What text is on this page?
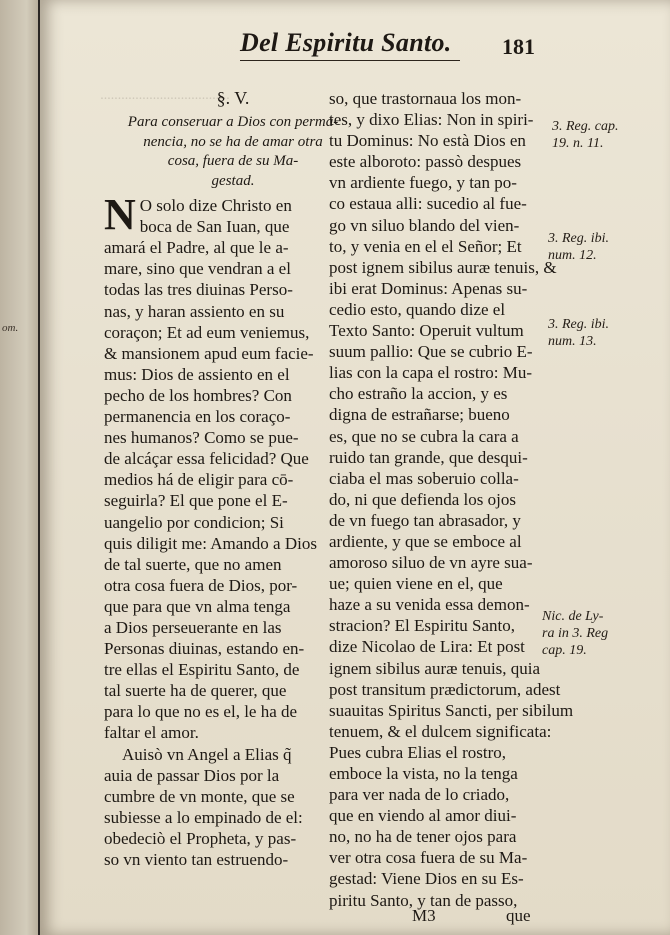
om.
Del Espiritu Santo.	181
·····································
§. V.
Para conseruar a Dios con perma-
nencia, no se ha de amar otra
cosa, fuera de su Ma-
gestad.
N O solo dize Christo en
boca de San Iuan, que
amará el Padre, al que le a-
mare, sino que vendran a el
todas las tres diuinas Perso-
nas, y haran assiento en su
coraçon; Et ad eum veniemus,
& mansionem apud eum facie-
mus: Dios de assiento en el
pecho de los hombres? Con
permanencia en los coraço-
nes humanos? Como se pue-
de alcáçar essa felicidad? Que
medios há de eligir para cō-
seguirla? El que pone el E-
uangelio por condicion; Si
quis diligit me: Amando a Dios
de tal suerte, que no amen
otra cosa fuera de Dios, por-
que para que vn alma tenga
a Dios perseuerante en las
Personas diuinas, estando en-
tre ellas el Espiritu Santo, de
tal suerte ha de querer, que
para lo que no es el, le ha de
faltar el amor.
Auisò vn Angel a Elias q̃
auia de passar Dios por la
cumbre de vn monte, que se
subiesse a lo empinado de el:
obedeciò el Propheta, y pas-
so vn viento tan estruendo-
so, que trastornaua los mon-
tes, y dixo Elias: Non in spiri-
tu Dominus: No està Dios en
este alboroto: passò despues
vn ardiente fuego, y tan po-
co estaua alli: sucedio al fue-
go vn siluo blando del vien-
to, y venia en el el Señor; Et
post ignem sibilus auræ tenuis, &
ibi erat Dominus: Apenas su-
cedio esto, quando dize el
Texto Santo: Operuit vultum
suum pallio: Que se cubrio E-
lias con la capa el rostro: Mu-
cho estraño la accion, y es
digna de estrañarse; bueno
es, que no se cubra la cara a
ruido tan grande, que desqui-
ciaba el mas soberuio colla-
do, ni que defienda los ojos
de vn fuego tan abrasador, y
ardiente, y que se emboce al
amoroso siluo de vn ayre sua-
ue; quien viene en el, que
haze a su venida essa demon-
stracion? El Espiritu Santo,
dize Nicolao de Lira: Et post
ignem sibilus auræ tenuis, quia
post transitum prædictorum, adest
suauitas Spiritus Sancti, per sibilum
tenuem, & el dulcem significata:
Pues cubra Elias el rostro,
emboce la vista, no la tenga
para ver nada de lo criado,
que en viendo al amor diui-
no, no ha de tener ojos para
ver otra cosa fuera de su Ma-
gestad: Viene Dios en su Es-
piritu Santo, y tan de passo,
M3	que
3. Reg. cap.
19. n. 11.
3. Reg. ibi.
num. 12.
3. Reg. ibi.
num. 13.
Nic. de Ly-
ra in 3. Reg
cap. 19.
